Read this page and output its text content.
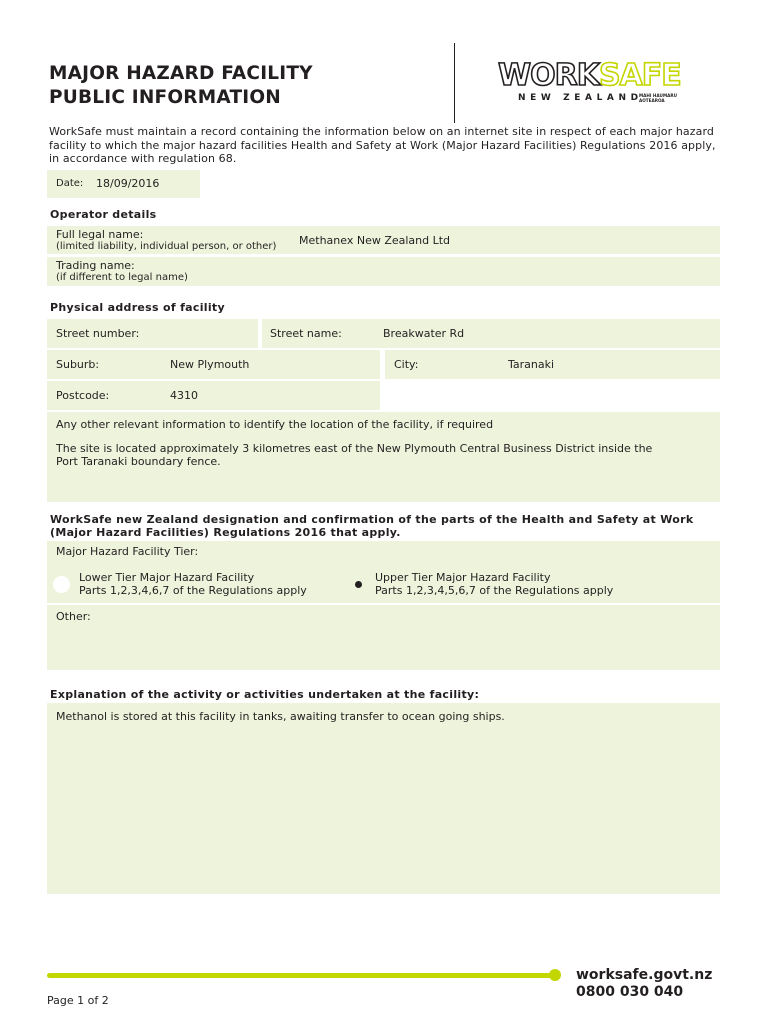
MAJOR HAZARD FACILITY
PUBLIC INFORMATION
WORKSAFE
NEW ZEALAND
MAHI HAUMARU
AOTEAROA
WorkSafe must maintain a record containing the information below on an internet site in respect of each major hazard facility to which the major hazard facilities Health and Safety at Work (Major Hazard Facilities) Regulations 2016 apply, in accordance with regulation 68.
Date: 18/09/2016
Operator details
Full legal name:
(limited liability, individual person, or other) Methanex New Zealand Ltd
Trading name:
(if different to legal name)
Physical address of facility
Street number:	Street name:	Breakwater Rd
Suburb:	New Plymouth	City:	Taranaki
Postcode:	4310
Any other relevant information to identify the location of the facility, if required
The site is located approximately 3 kilometres east of the New Plymouth Central Business District inside the
Port Taranaki boundary fence.
WorkSafe new Zealand designation and confirmation of the parts of the Health and Safety at Work
(Major Hazard Facilities) Regulations 2016 that apply.
Major Hazard Facility Tier:
Lower Tier Major Hazard Facility
Parts 1,2,3,4,6,7 of the Regulations apply
Upper Tier Major Hazard Facility
Parts 1,2,3,4,5,6,7 of the Regulations apply
Other:
Explanation of the activity or activities undertaken at the facility:
Methanol is stored at this facility in tanks, awaiting transfer to ocean going ships.
worksafe.govt.nz
0800 030 040
Page 1 of 2
